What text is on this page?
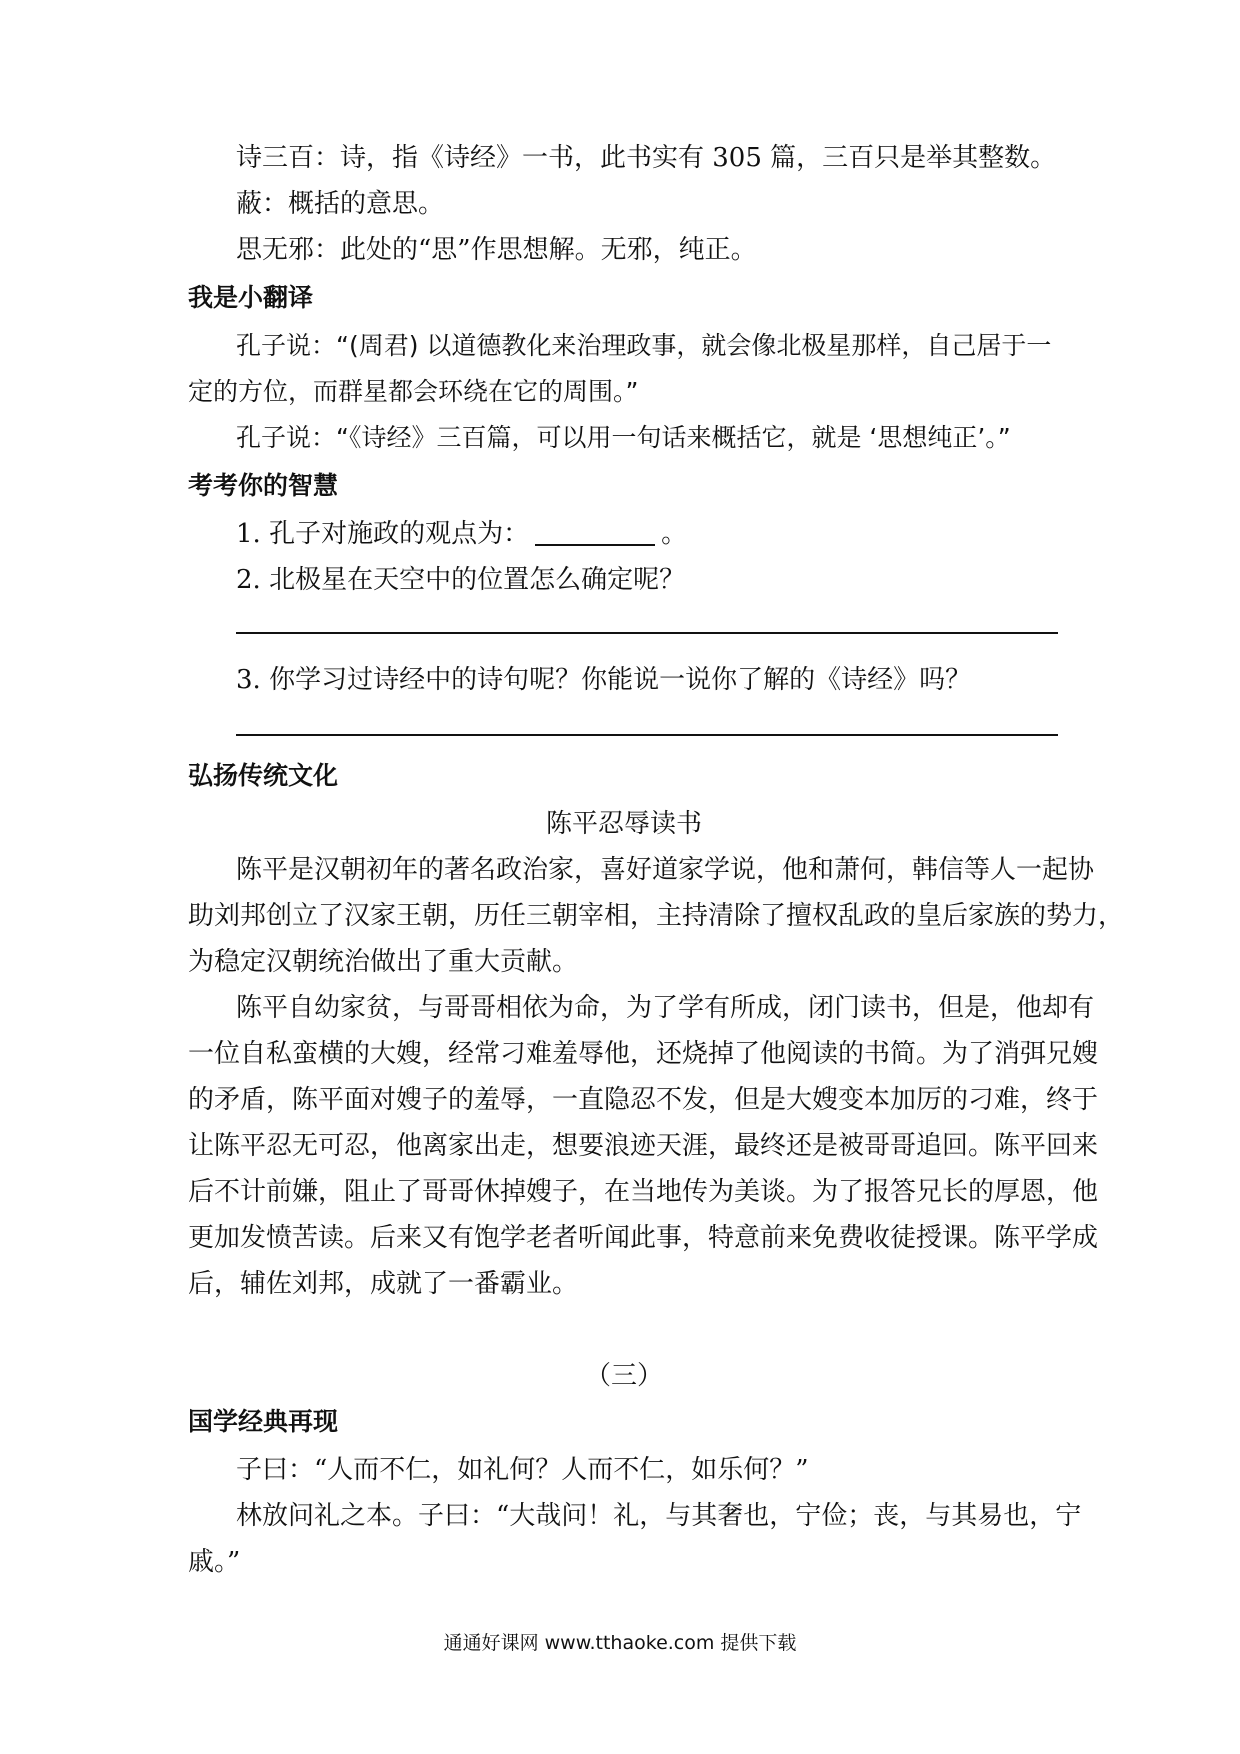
诗三百：诗，指《诗经》一书，此书实有 305 篇，三百只是举其整数。
蔽：概括的意思。
思无邪：此处的“思”作思想解。无邪，纯正。
我是小翻译
孔子说：“(周君) 以道德教化来治理政事，就会像北极星那样，自己居于一
定的方位，而群星都会环绕在它的周围。”
孔子说：“《诗经》三百篇，可以用一句话来概括它，就是 ‘思想纯正’。”
考考你的智慧
1. 孔子对施政的观点为：	。
2. 北极星在天空中的位置怎么确定呢？
3. 你学习过诗经中的诗句呢？你能说一说你了解的《诗经》吗？
弘扬传统文化
陈平忍辱读书
陈平是汉朝初年的著名政治家，喜好道家学说，他和萧何，韩信等人一起协
助刘邦创立了汉家王朝，历任三朝宰相，主持清除了擅权乱政的皇后家族的势力，
为稳定汉朝统治做出了重大贡献。
陈平自幼家贫，与哥哥相依为命，为了学有所成，闭门读书，但是，他却有
一位自私蛮横的大嫂，经常刁难羞辱他，还烧掉了他阅读的书简。为了消弭兄嫂
的矛盾，陈平面对嫂子的羞辱，一直隐忍不发，但是大嫂变本加厉的刁难，终于
让陈平忍无可忍，他离家出走，想要浪迹天涯，最终还是被哥哥追回。陈平回来
后不计前嫌，阻止了哥哥休掉嫂子，在当地传为美谈。为了报答兄长的厚恩，他
更加发愤苦读。后来又有饱学老者听闻此事，特意前来免费收徒授课。陈平学成
后，辅佐刘邦，成就了一番霸业。
（三）
国学经典再现
子曰：“人而不仁，如礼何？人而不仁，如乐何？”
林放问礼之本。子曰：“大哉问！礼，与其奢也，宁俭；丧，与其易也，宁
戚。”
通通好课网 www.tthaoke.com 提供下载
